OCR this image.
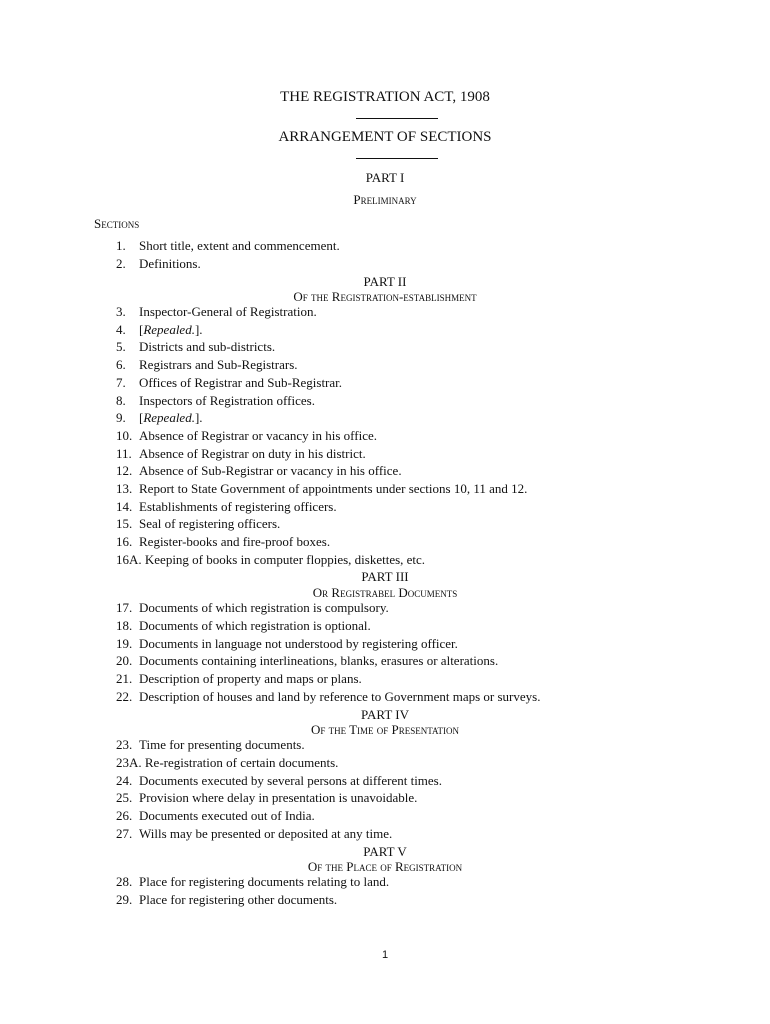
THE REGISTRATION ACT, 1908
ARRANGEMENT OF SECTIONS
PART I
Preliminary
Sections
1. Short title, extent and commencement.
2. Definitions.
PART II
Of the Registration-establishment
3. Inspector-General of Registration.
4. [Repealed.].
5. Districts and sub-districts.
6. Registrars and Sub-Registrars.
7. Offices of Registrar and Sub-Registrar.
8. Inspectors of Registration offices.
9. [Repealed.].
10. Absence of Registrar or vacancy in his office.
11. Absence of Registrar on duty in his district.
12. Absence of Sub-Registrar or vacancy in his office.
13. Report to State Government of appointments under sections 10, 11 and 12.
14. Establishments of registering officers.
15. Seal of registering officers.
16. Register-books and fire-proof boxes.
16A. Keeping of books in computer floppies, diskettes, etc.
PART III
Or Registrabel Documents
17. Documents of which registration is compulsory.
18. Documents of which registration is optional.
19. Documents in language not understood by registering officer.
20. Documents containing interlineations, blanks, erasures or alterations.
21. Description of property and maps or plans.
22. Description of houses and land by reference to Government maps or surveys.
PART IV
Of the Time of Presentation
23. Time for presenting documents.
23A. Re-registration of certain documents.
24. Documents executed by several persons at different times.
25. Provision where delay in presentation is unavoidable.
26. Documents executed out of India.
27. Wills may be presented or deposited at any time.
PART V
Of the Place of Registration
28. Place for registering documents relating to land.
29. Place for registering other documents.
1
